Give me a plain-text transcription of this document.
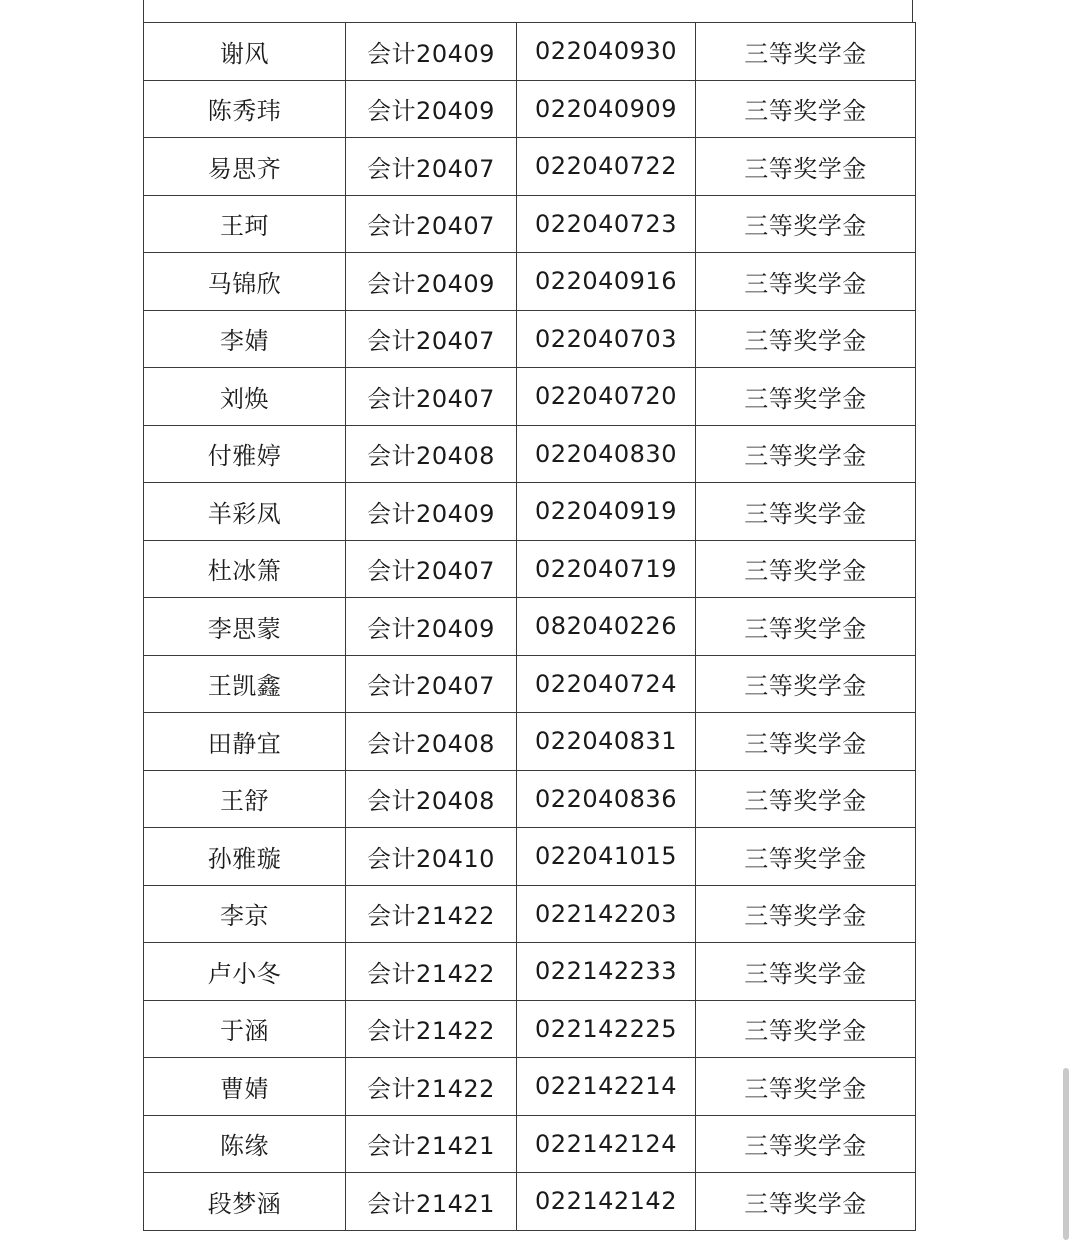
谢风	会计20409	022040930	三等奖学金
陈秀玮	会计20409	022040909	三等奖学金
易思齐	会计20407	022040722	三等奖学金
王珂	会计20407	022040723	三等奖学金
马锦欣	会计20409	022040916	三等奖学金
李婧	会计20407	022040703	三等奖学金
刘焕	会计20407	022040720	三等奖学金
付雅婷	会计20408	022040830	三等奖学金
羊彩凤	会计20409	022040919	三等奖学金
杜冰箫	会计20407	022040719	三等奖学金
李思蒙	会计20409	082040226	三等奖学金
王凯鑫	会计20407	022040724	三等奖学金
田静宜	会计20408	022040831	三等奖学金
王舒	会计20408	022040836	三等奖学金
孙雅璇	会计20410	022041015	三等奖学金
李京	会计21422	022142203	三等奖学金
卢小冬	会计21422	022142233	三等奖学金
于涵	会计21422	022142225	三等奖学金
曹婧	会计21422	022142214	三等奖学金
陈缘	会计21421	022142124	三等奖学金
段梦涵	会计21421	022142142	三等奖学金
